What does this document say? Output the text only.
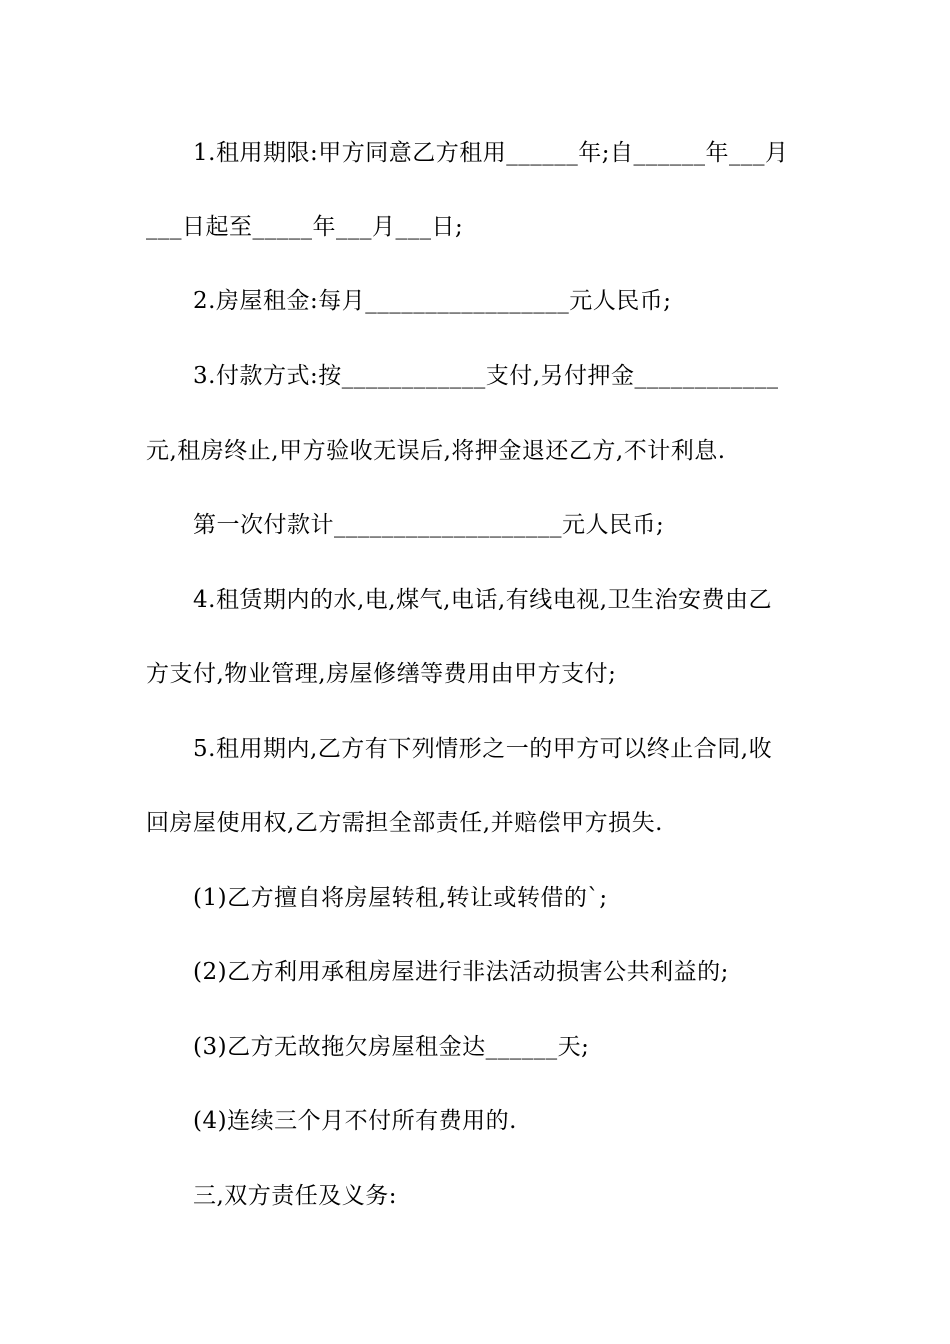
1.租用期限:甲方同意乙方租用______年;自______年___月
___日起至_____年___月___日;
2.房屋租金:每月_________________元人民币;
3.付款方式:按____________支付,另付押金____________
元,租房终止,甲方验收无误后,将押金退还乙方,不计利息.
第一次付款计___________________元人民币;
4.租赁期内的水,电,煤气,电话,有线电视,卫生治安费由乙
方支付,物业管理,房屋修缮等费用由甲方支付;
5.租用期内,乙方有下列情形之一的甲方可以终止合同,收
回房屋使用权,乙方需担全部责任,并赔偿甲方损失.
(1)乙方擅自将房屋转租,转让或转借的`;
(2)乙方利用承租房屋进行非法活动损害公共利益的;
(3)乙方无故拖欠房屋租金达______天;
(4)连续三个月不付所有费用的.
三,双方责任及义务:
